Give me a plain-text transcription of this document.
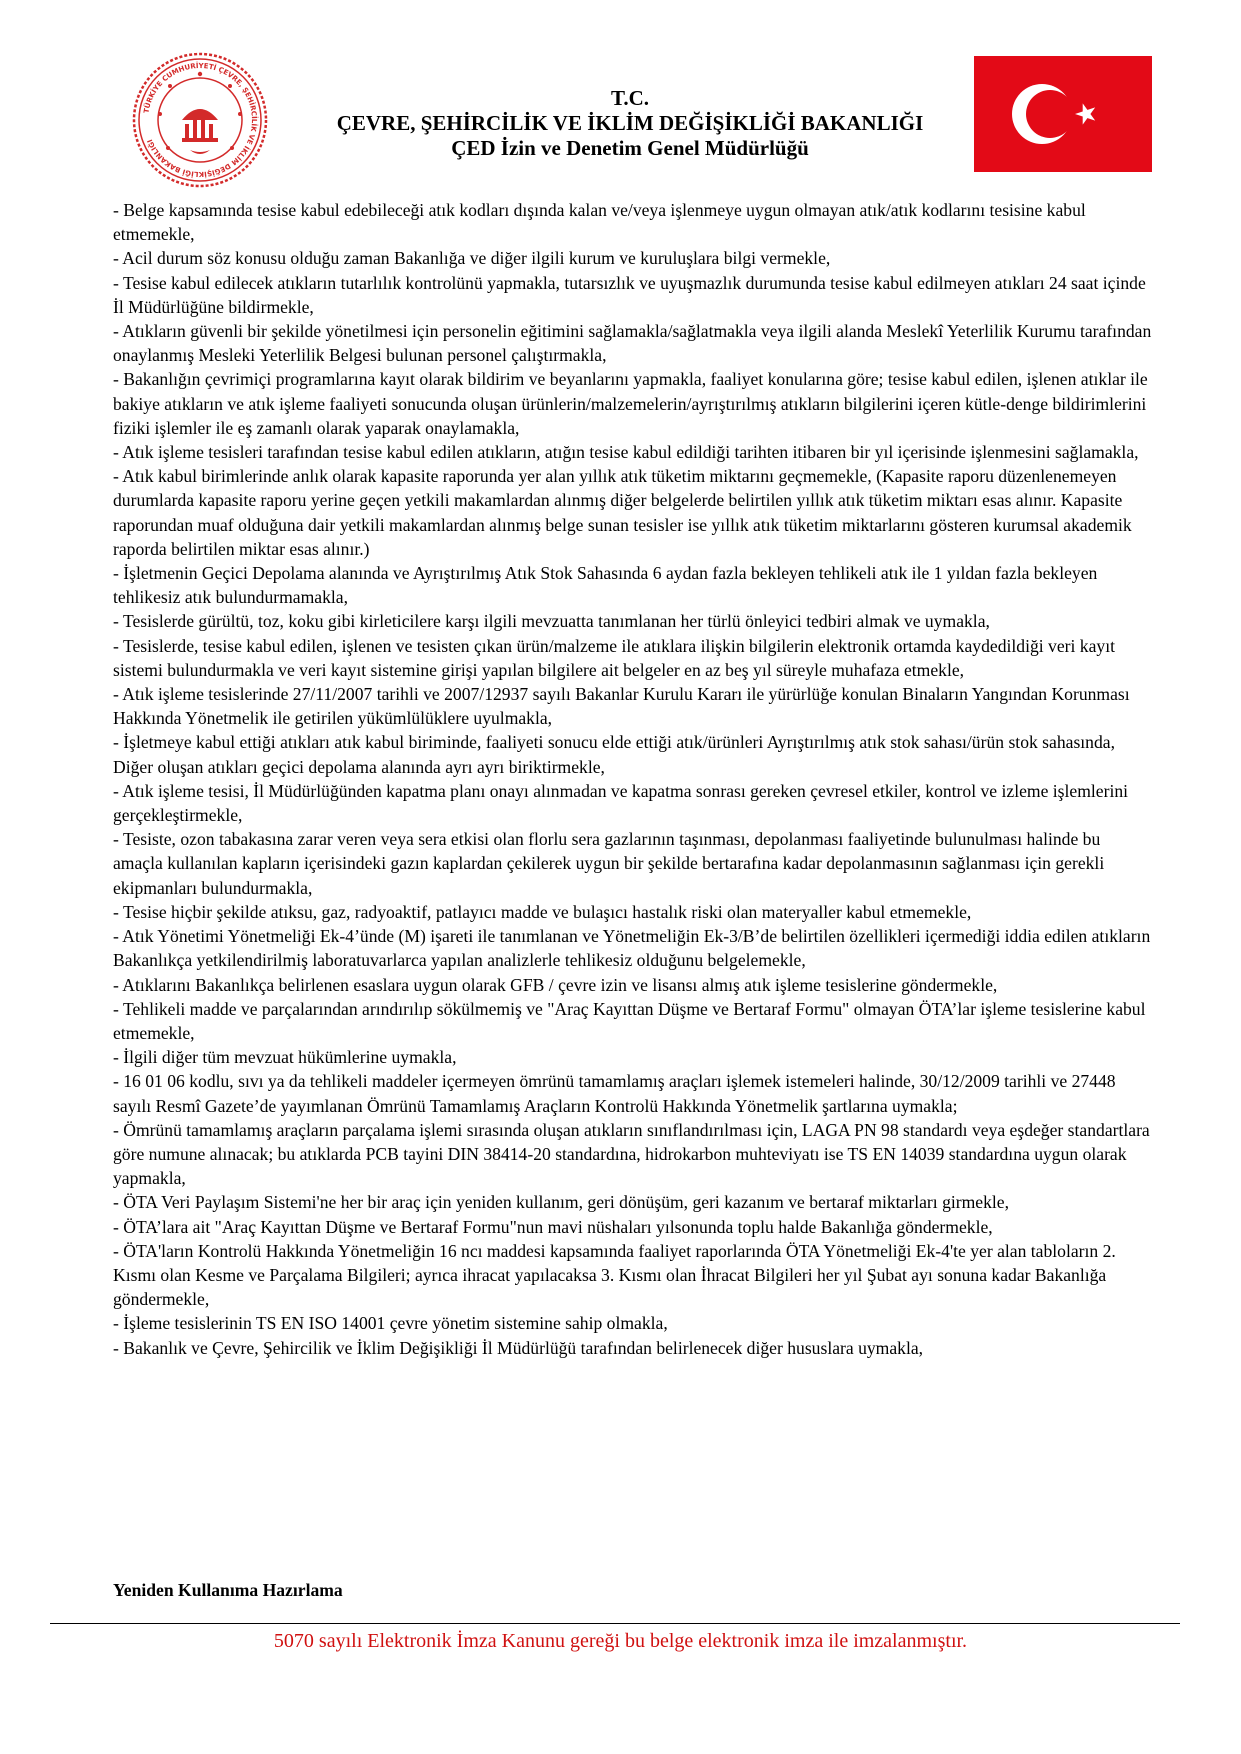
TÜRKİYE CUMHURİYETİ ÇEVRE, ŞEHİRCİLİK VE İKLİM DEĞİŞİKLİĞİ BAKANLIĞI
T.C.
ÇEVRE, ŞEHİRCİLİK VE İKLİM DEĞİŞİKLİĞİ BAKANLIĞI
ÇED İzin ve Denetim Genel Müdürlüğü

- Belge kapsamında tesise kabul edebileceği atık kodları dışında kalan ve/veya işlenmeye uygun olmayan atık/atık kodlarını tesisine kabul etmemekle,

- Acil durum söz konusu olduğu zaman Bakanlığa ve diğer ilgili kurum ve kuruluşlara bilgi vermekle,

- Tesise kabul edilecek atıkların tutarlılık kontrolünü yapmakla, tutarsızlık ve uyuşmazlık durumunda tesise kabul edilmeyen atıkları 24 saat içinde İl Müdürlüğüne bildirmekle,

- Atıkların güvenli bir şekilde yönetilmesi için personelin eğitimini sağlamakla/sağlatmakla veya ilgili alanda Meslekî Yeterlilik Kurumu tarafından onaylanmış Mesleki Yeterlilik Belgesi bulunan personel çalıştırmakla,

- Bakanlığın çevrimiçi programlarına kayıt olarak bildirim ve beyanlarını yapmakla, faaliyet konularına göre; tesise kabul edilen, işlenen atıklar ile bakiye atıkların ve atık işleme faaliyeti sonucunda oluşan ürünlerin/malzemelerin/ayrıştırılmış atıkların bilgilerini içeren kütle-denge bildirimlerini fiziki işlemler ile eş zamanlı olarak yaparak onaylamakla,

- Atık işleme tesisleri tarafından tesise kabul edilen atıkların, atığın tesise kabul edildiği tarihten itibaren bir yıl içerisinde işlenmesini sağlamakla,

- Atık kabul birimlerinde anlık olarak kapasite raporunda yer alan yıllık atık tüketim miktarını geçmemekle, (Kapasite raporu düzenlenemeyen durumlarda kapasite raporu yerine geçen yetkili makamlardan alınmış diğer belgelerde belirtilen yıllık atık tüketim miktarı esas alınır. Kapasite raporundan muaf olduğuna dair yetkili makamlardan alınmış belge sunan tesisler ise yıllık atık tüketim miktarlarını gösteren kurumsal akademik raporda belirtilen miktar esas alınır.)

- İşletmenin Geçici Depolama alanında ve Ayrıştırılmış Atık Stok Sahasında 6 aydan fazla bekleyen tehlikeli atık ile 1 yıldan fazla bekleyen tehlikesiz atık bulundurmamakla,

- Tesislerde gürültü, toz, koku gibi kirleticilere karşı ilgili mevzuatta tanımlanan her türlü önleyici tedbiri almak ve uymakla,

- Tesislerde, tesise kabul edilen, işlenen ve tesisten çıkan ürün/malzeme ile atıklara ilişkin bilgilerin elektronik ortamda kaydedildiği veri kayıt sistemi bulundurmakla ve veri kayıt sistemine girişi yapılan bilgilere ait belgeler en az beş yıl süreyle muhafaza etmekle,

- Atık işleme tesislerinde 27/11/2007 tarihli ve 2007/12937 sayılı Bakanlar Kurulu Kararı ile yürürlüğe konulan Binaların Yangından Korunması Hakkında Yönetmelik ile getirilen yükümlülüklere uyulmakla,

- İşletmeye kabul ettiği atıkları atık kabul biriminde, faaliyeti sonucu elde ettiği atık/ürünleri Ayrıştırılmış atık stok sahası/ürün stok sahasında, Diğer oluşan atıkları geçici depolama alanında ayrı ayrı biriktirmekle,

- Atık işleme tesisi, İl Müdürlüğünden kapatma planı onayı alınmadan ve kapatma sonrası gereken çevresel etkiler, kontrol ve izleme işlemlerini gerçekleştirmekle,

- Tesiste, ozon tabakasına zarar veren veya sera etkisi olan florlu sera gazlarının taşınması, depolanması faaliyetinde bulunulması halinde bu amaçla kullanılan kapların içerisindeki gazın kaplardan çekilerek uygun bir şekilde bertarafına kadar depolanmasının sağlanması için gerekli ekipmanları bulundurmakla,

- Tesise hiçbir şekilde atıksu, gaz, radyoaktif, patlayıcı madde ve bulaşıcı hastalık riski olan materyaller kabul etmemekle,

- Atık Yönetimi Yönetmeliği Ek-4’ünde (M) işareti ile tanımlanan ve Yönetmeliğin Ek-3/B’de belirtilen özellikleri içermediği iddia edilen atıkların Bakanlıkça yetkilendirilmiş laboratuvarlarca yapılan analizlerle tehlikesiz olduğunu belgelemekle,

- Atıklarını Bakanlıkça belirlenen esaslara uygun olarak GFB / çevre izin ve lisansı almış atık işleme tesislerine göndermekle,

- Tehlikeli madde ve parçalarından arındırılıp sökülmemiş ve "Araç Kayıttan Düşme ve Bertaraf Formu" olmayan ÖTA’lar işleme tesislerine kabul etmemekle,

- İlgili diğer tüm mevzuat hükümlerine uymakla,

- 16 01 06 kodlu, sıvı ya da tehlikeli maddeler içermeyen ömrünü tamamlamış araçları işlemek istemeleri halinde, 30/12/2009 tarihli ve 27448 sayılı Resmî Gazete’de yayımlanan Ömrünü Tamamlamış Araçların Kontrolü Hakkında Yönetmelik şartlarına uymakla;

- Ömrünü tamamlamış araçların parçalama işlemi sırasında oluşan atıkların sınıflandırılması için, LAGA PN 98 standardı veya eşdeğer standartlara göre numune alınacak; bu atıklarda PCB tayini DIN 38414-20 standardına, hidrokarbon muhteviyatı ise TS EN 14039 standardına uygun olarak yapmakla,

- ÖTA Veri Paylaşım Sistemi'ne her bir araç için yeniden kullanım, geri dönüşüm, geri kazanım ve bertaraf miktarları girmekle,

- ÖTA’lara ait "Araç Kayıttan Düşme ve Bertaraf Formu"nun mavi nüshaları yılsonunda toplu halde Bakanlığa göndermekle,

- ÖTA'ların Kontrolü Hakkında Yönetmeliğin 16 ncı maddesi kapsamında faaliyet raporlarında ÖTA Yönetmeliği Ek-4'te yer alan tabloların 2. Kısmı olan Kesme ve Parçalama Bilgileri; ayrıca ihracat yapılacaksa 3. Kısmı olan İhracat Bilgileri her yıl Şubat ayı sonuna kadar Bakanlığa göndermekle,

- İşleme tesislerinin TS EN ISO 14001 çevre yönetim sistemine sahip olmakla,

- Bakanlık ve Çevre, Şehircilik ve İklim Değişikliği İl Müdürlüğü tarafından belirlenecek diğer hususlara uymakla,

Yeniden Kullanıma Hazırlama
5070 sayılı Elektronik İmza Kanunu gereği bu belge elektronik imza ile imzalanmıştır.
